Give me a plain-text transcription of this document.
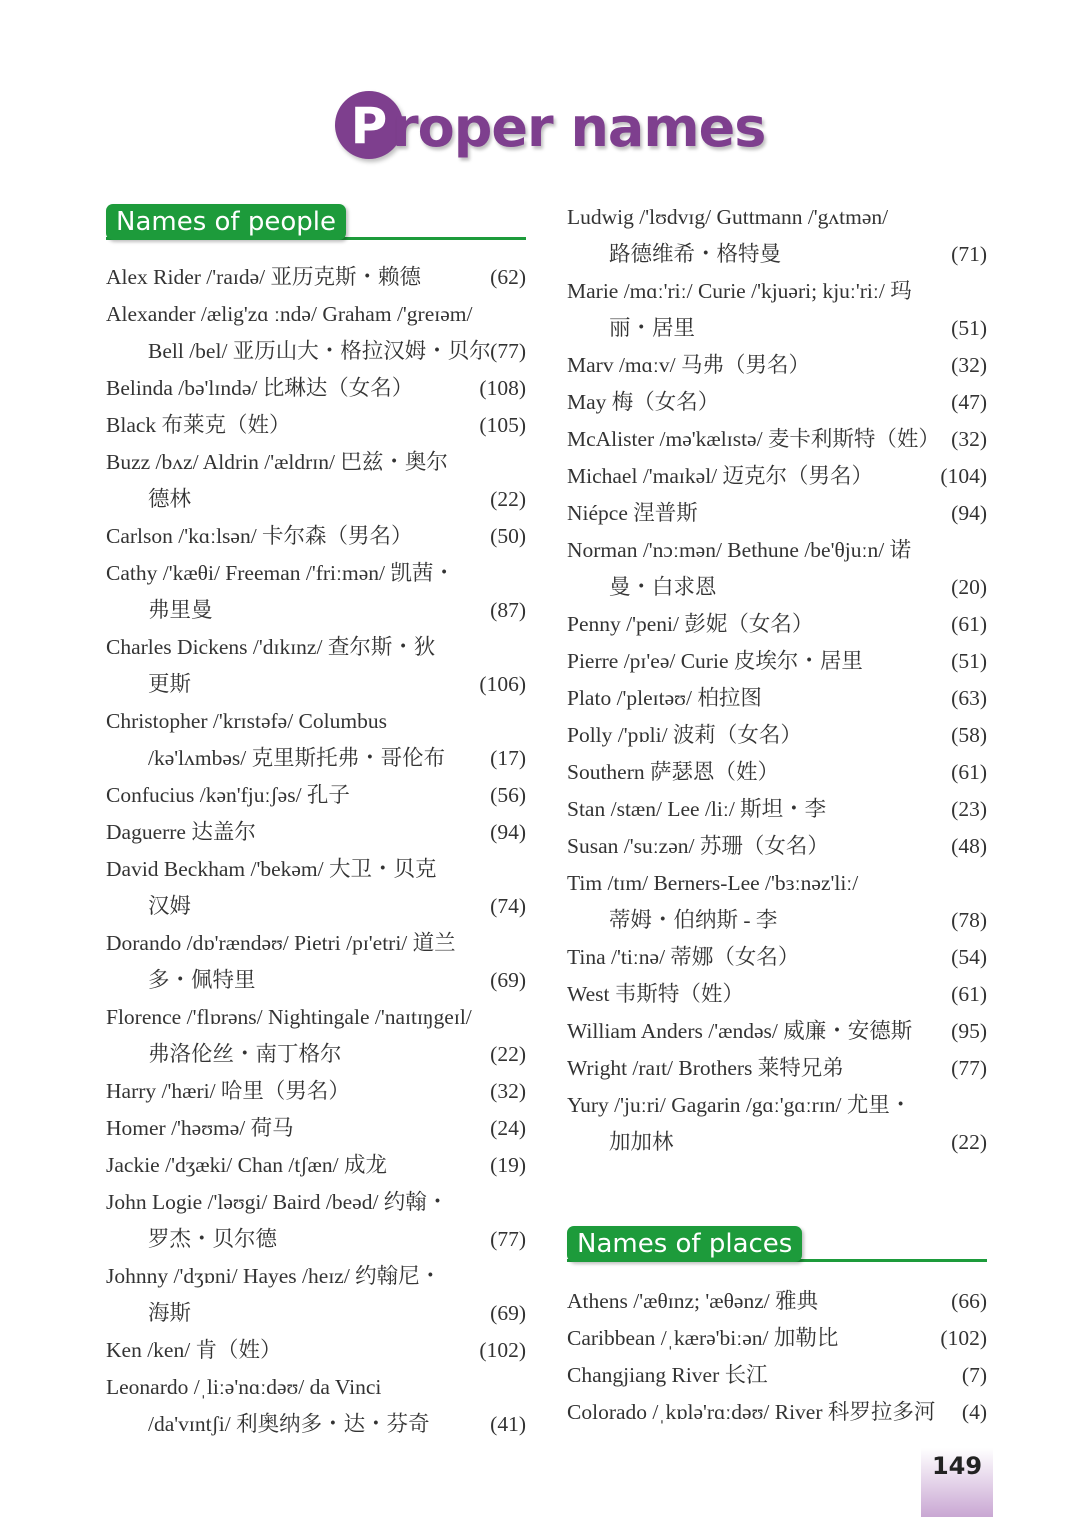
P roper names
Names of people
Alex Rider /'raɪdə/ 亚历克斯・赖德	(62)
Alexander /ælig'zɑ ːndə/ Graham /'greɪəm/
Bell /bel/ 亚历山大・格拉汉姆・贝尔 (77)
Belinda /bə'lɪndə/ 比琳达（女名）	(108)
Black 布莱克（姓）	(105)
Buzz /bʌz/ Aldrin /'ældrɪn/ 巴兹・奥尔
德林	(22)
Carlson /'kɑːlsən/ 卡尔森（男名）	(50)
Cathy /'kæθi/ Freeman /'friːmən/ 凯茜・
弗里曼	(87)
Charles Dickens /'dɪkɪnz/ 查尔斯・狄
更斯	(106)
Christopher /'krɪstəfə/ Columbus
/kə'lʌmbəs/ 克里斯托弗・哥伦布 (17)
Confucius /kən'fjuːʃəs/ 孔子	(56)
Daguerre 达盖尔	(94)
David Beckham /'bekəm/ 大卫・贝克
汉姆	(74)
Dorando /dɒ'rændəʊ/ Pietri /pɪ'etri/ 道兰
多・佩特里	(69)
Florence /'flɒrəns/ Nightingale /'naɪtɪŋgeɪl/
弗洛伦丝・南丁格尔	(22)
Harry /'hæri/ 哈里（男名）	(32)
Homer /'həʊmə/ 荷马	(24)
Jackie /'dʒæki/ Chan /tʃæn/ 成龙	(19)
John Logie /'ləʊgi/ Baird /beəd/ 约翰・
罗杰・贝尔德	(77)
Johnny /'dʒɒni/ Hayes /heɪz/ 约翰尼・
海斯	(69)
Ken /ken/ 肯（姓）	(102)
Leonardo /ˌliːə'nɑːdəʊ/ da Vinci
/da'vɪntʃi/ 利奥纳多・达・芬奇	(41)
Ludwig /'lʊdvɪg/ Guttmann /'gʌtmən/
路德维希・格特曼	(71)
Marie /mɑː'riː/ Curie /'kjuəri; kjuː'riː/ 玛
丽・居里	(51)
Marv /mɑːv/ 马弗（男名）	(32)
May 梅（女名）	(47)
McAlister /mə'kælɪstə/ 麦卡利斯特（姓） (32)
Michael /'maɪkəl/ 迈克尔（男名）	(104)
Niépce 涅普斯	(94)
Norman /'nɔːmən/ Bethune /be'θjuːn/ 诺
曼・白求恩	(20)
Penny /'peni/ 彭妮（女名）	(61)
Pierre /pɪ'eə/ Curie 皮埃尔・居里	(51)
Plato /'pleɪtəʊ/ 柏拉图	(63)
Polly /'pɒli/ 波莉（女名）	(58)
Southern 萨瑟恩（姓）	(61)
Stan /stæn/ Lee /liː/ 斯坦・李	(23)
Susan /'suːzən/ 苏珊（女名）	(48)
Tim /tɪm/ Berners-Lee /'bɜːnəz'liː/
蒂姆・伯纳斯 - 李	(78)
Tina /'tiːnə/ 蒂娜（女名）	(54)
West 韦斯特（姓）	(61)
William Anders /'ændəs/ 威廉・安德斯 (95)
Wright /raɪt/ Brothers 莱特兄弟	(77)
Yury /'juːri/ Gagarin /gɑː'gɑːrɪn/ 尤里・
加加林	(22)
Names of places
Athens /'æθɪnz; 'æθənz/ 雅典	(66)
Caribbean /ˌkærə'biːən/ 加勒比	(102)
Changjiang River 长江	(7)
Colorado /ˌkɒlə'rɑːdəʊ/ River 科罗拉多河 (4)
149
